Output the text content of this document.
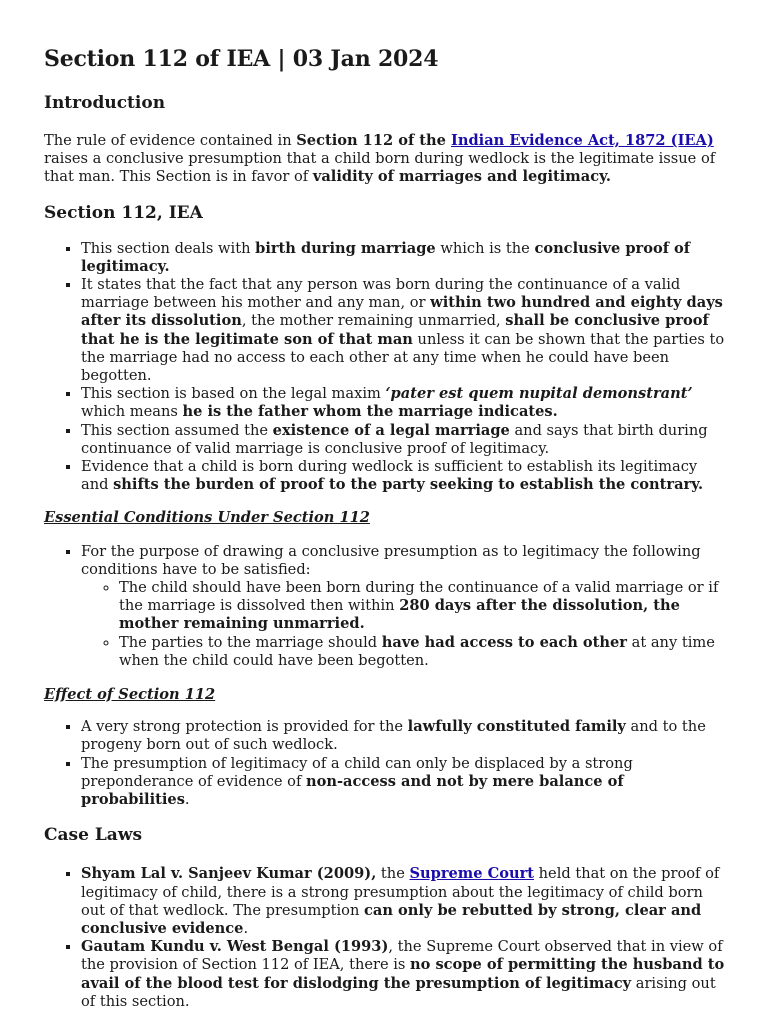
Section 112 of IEA | 03 Jan 2024
Introduction

The rule of evidence contained in Section 112 of the Indian Evidence Act, 1872 (IEA) raises a conclusive presumption that a child born during wedlock is the legitimate issue of that man. This Section is in favor of validity of marriages and legitimacy.

Section 112, IEA
▪ This section deals with birth during marriage which is the conclusive proof of legitimacy.
▪ It states that the fact that any person was born during the continuance of a valid marriage between his mother and any man, or within two hundred and eighty days after its dissolution, the mother remaining unmarried, shall be conclusive proof that he is the legitimate son of that man unless it can be shown that the parties to the marriage had no access to each other at any time when he could have been begotten.
▪ This section is based on the legal maxim ‘pater est quem nupital demonstrant’ which means he is the father whom the marriage indicates.
▪ This section assumed the existence of a legal marriage and says that birth during continuance of valid marriage is conclusive proof of legitimacy.
▪ Evidence that a child is born during wedlock is sufficient to establish its legitimacy and shifts the burden of proof to the party seeking to establish the contrary.
Essential Conditions Under Section 112
▪ For the purpose of drawing a conclusive presumption as to legitimacy the following conditions have to be satisfied:
◦ The child should have been born during the continuance of a valid marriage or if the marriage is dissolved then within 280 days after the dissolution, the mother remaining unmarried.
◦ The parties to the marriage should have had access to each other at any time when the child could have been begotten.
Effect of Section 112
▪ A very strong protection is provided for the lawfully constituted family and to the progeny born out of such wedlock.
▪ The presumption of legitimacy of a child can only be displaced by a strong preponderance of evidence of non-access and not by mere balance of probabilities.
Case Laws
▪ Shyam Lal v. Sanjeev Kumar (2009), the Supreme Court held that on the proof of legitimacy of child, there is a strong presumption about the legitimacy of child born out of that wedlock. The presumption can only be rebutted by strong, clear and conclusive evidence.
▪ Gautam Kundu v. West Bengal (1993), the Supreme Court observed that in view of the provision of Section 112 of IEA, there is no scope of permitting the husband to avail of the blood test for dislodging the presumption of legitimacy arising out of this section.
